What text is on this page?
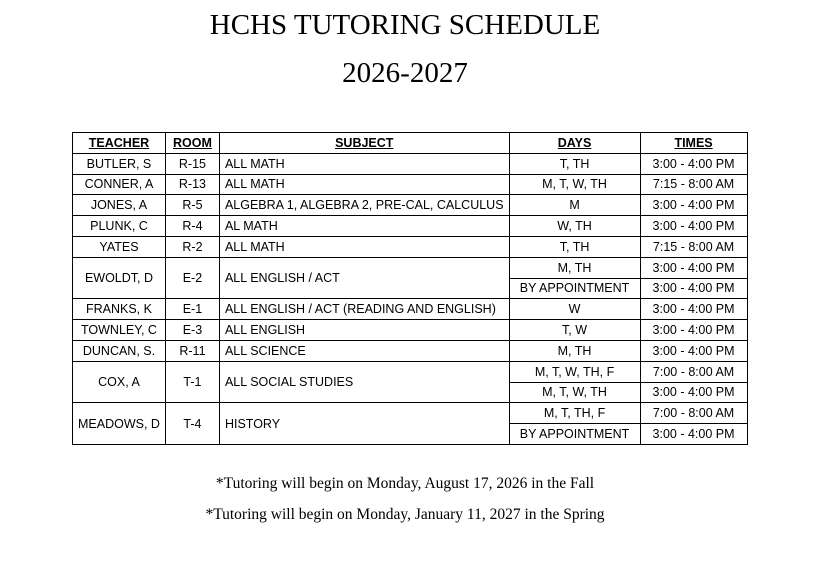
HCHS TUTORING SCHEDULE
2026-2027
TEACHER	ROOM	SUBJECT	DAYS	TIMES
BUTLER, S	R-15	ALL MATH	T, TH	3:00 - 4:00 PM
CONNER, A	R-13	ALL MATH	M, T, W, TH	7:15 - 8:00 AM
JONES, A	R-5	ALGEBRA 1, ALGEBRA 2, PRE-CAL, CALCULUS	M	3:00 - 4:00 PM
PLUNK, C	R-4	AL MATH	W, TH	3:00 - 4:00 PM
YATES	R-2	ALL MATH	T, TH	7:15 - 8:00 AM
EWOLDT, D	E-2	ALL ENGLISH / ACT	M, TH	3:00 - 4:00 PM
			BY APPOINTMENT	3:00 - 4:00 PM
FRANKS, K	E-1	ALL ENGLISH / ACT (READING AND ENGLISH)	W	3:00 - 4:00 PM
TOWNLEY, C	E-3	ALL ENGLISH	T, W	3:00 - 4:00 PM
DUNCAN, S.	R-11	ALL SCIENCE	M, TH	3:00 - 4:00 PM
COX, A	T-1	ALL SOCIAL STUDIES	M, T, W, TH, F	7:00 - 8:00 AM
			M, T, W, TH	3:00 - 4:00 PM
MEADOWS, D	T-4	HISTORY	M, T, TH, F	7:00 - 8:00 AM
			BY APPOINTMENT	3:00 - 4:00 PM
*Tutoring will begin on Monday, August 17, 2026 in the Fall
*Tutoring will begin on Monday, January 11, 2027 in the Spring
